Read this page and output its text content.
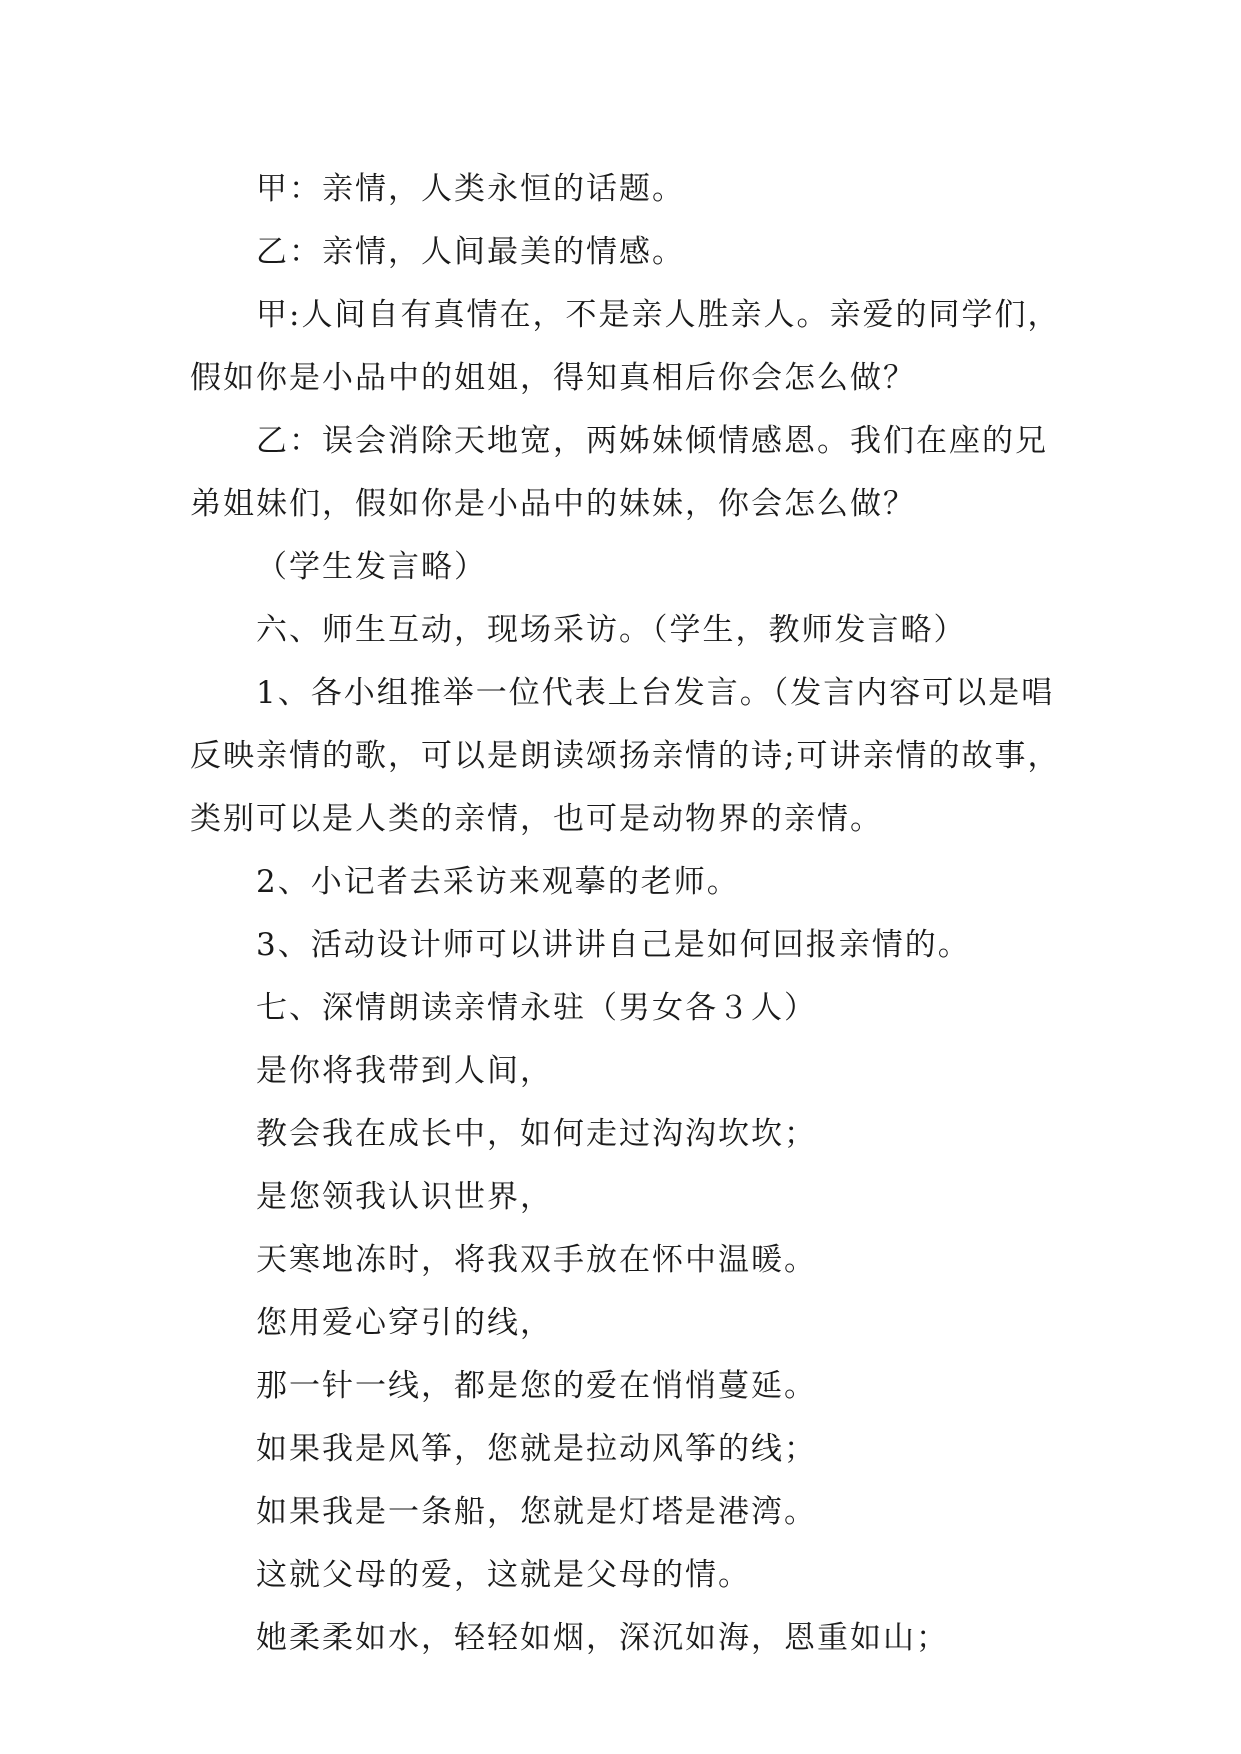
甲：亲情，人类永恒的话题。

乙：亲情，人间最美的情感。

甲:人间自有真情在，不是亲人胜亲人。亲爱的同学们，

假如你是小品中的姐姐，得知真相后你会怎么做？

乙：误会消除天地宽，两姊妹倾情感恩。我们在座的兄

弟姐妹们，假如你是小品中的妹妹，你会怎么做？

（学生发言略）

六、师生互动，现场采访。（学生，教师发言略）

1、各小组推举一位代表上台发言。（发言内容可以是唱

反映亲情的歌，可以是朗读颂扬亲情的诗;可讲亲情的故事，

类别可以是人类的亲情，也可是动物界的亲情。

2、小记者去采访来观摹的老师。

3、活动设计师可以讲讲自己是如何回报亲情的。

七、深情朗读亲情永驻（男女各３人）

是你将我带到人间，

教会我在成长中，如何走过沟沟坎坎；

是您领我认识世界，

天寒地冻时，将我双手放在怀中温暖。

您用爱心穿引的线，

那一针一线，都是您的爱在悄悄蔓延。

如果我是风筝，您就是拉动风筝的线；

如果我是一条船，您就是灯塔是港湾。

这就父母的爱，这就是父母的情。

她柔柔如水，轻轻如烟，深沉如海，恩重如山；
